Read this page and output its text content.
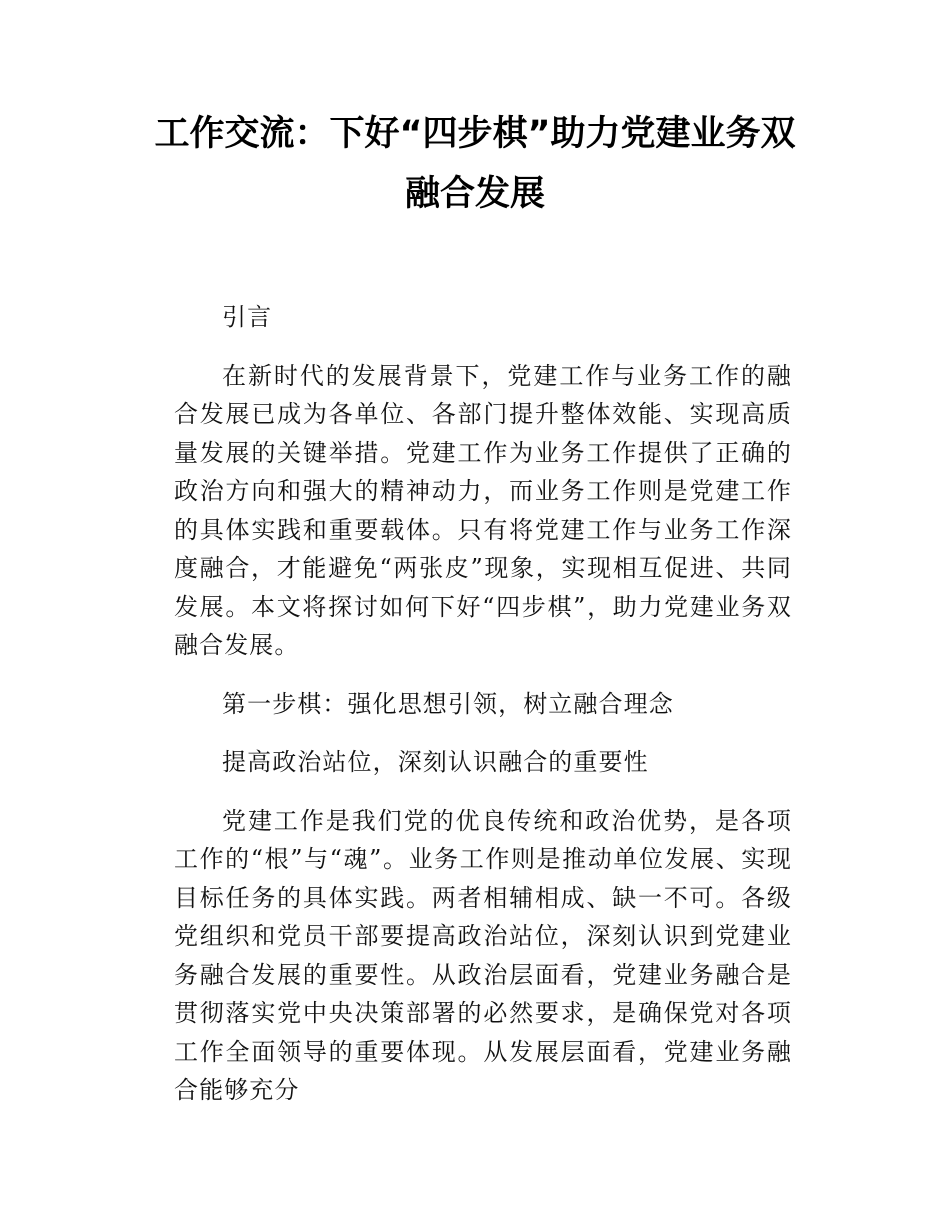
工作交流：下好“四步棋”助力党建业务双
融合发展

引言

在新时代的发展背景下，党建工作与业务工作的融合发展已成为各单位、各部门提升整体效能、实现高质量发展的关键举措。党建工作为业务工作提供了正确的政治方向和强大的精神动力，而业务工作则是党建工作的具体实践和重要载体。只有将党建工作与业务工作深度融合，才能避免“两张皮”现象，实现相互促进、共同发展。本文将探讨如何下好“四步棋”，助力党建业务双融合发展。

第一步棋：强化思想引领，树立融合理念

提高政治站位，深刻认识融合的重要性

党建工作是我们党的优良传统和政治优势，是各项工作的“根”与“魂”。业务工作则是推动单位发展、实现目标任务的具体实践。两者相辅相成、缺一不可。各级党组织和党员干部要提高政治站位，深刻认识到党建业务融合发展的重要性。从政治层面看，党建业务融合是贯彻落实党中央决策部署的必然要求，是确保党对各项工作全面领导的重要体现。从发展层面看，党建业务融合能够充分
